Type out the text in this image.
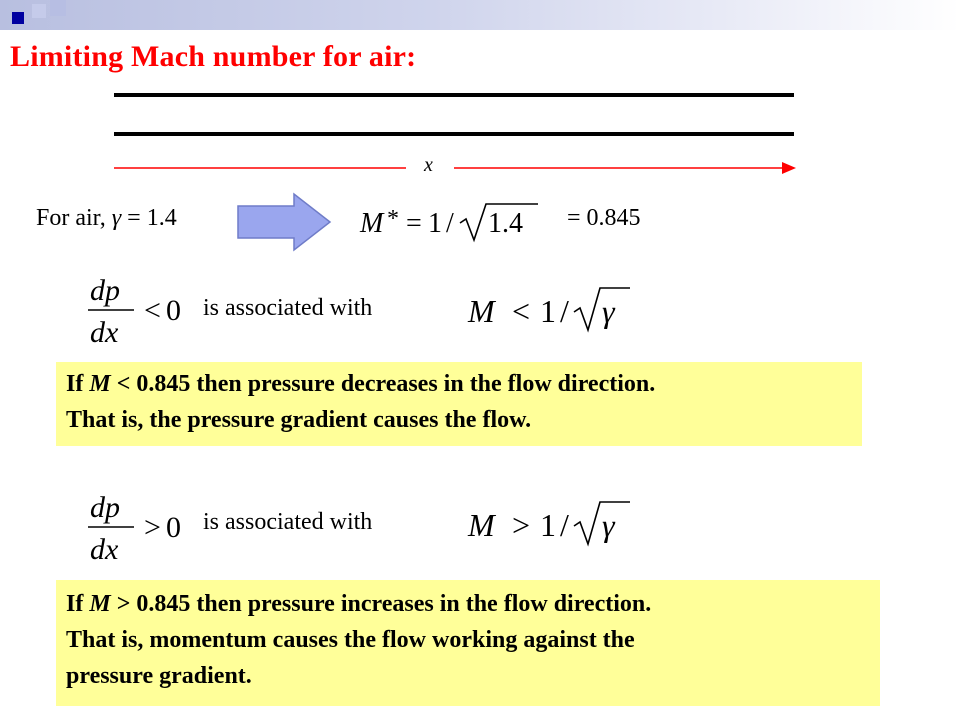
Limiting Mach number for air:
x
For air, γ = 1.4	M * = 1 / 1.4 = 0.845
dp
dx
< 0 is associated with	M < 1 / γ

If M < 0.845 then pressure decreases in the flow direction.

That is, the pressure gradient causes the flow.

dp
dx
> 0 is associated with	M > 1 / γ

If M > 0.845 then pressure increases in the flow direction.

That is, momentum causes the flow working against the

pressure gradient.
